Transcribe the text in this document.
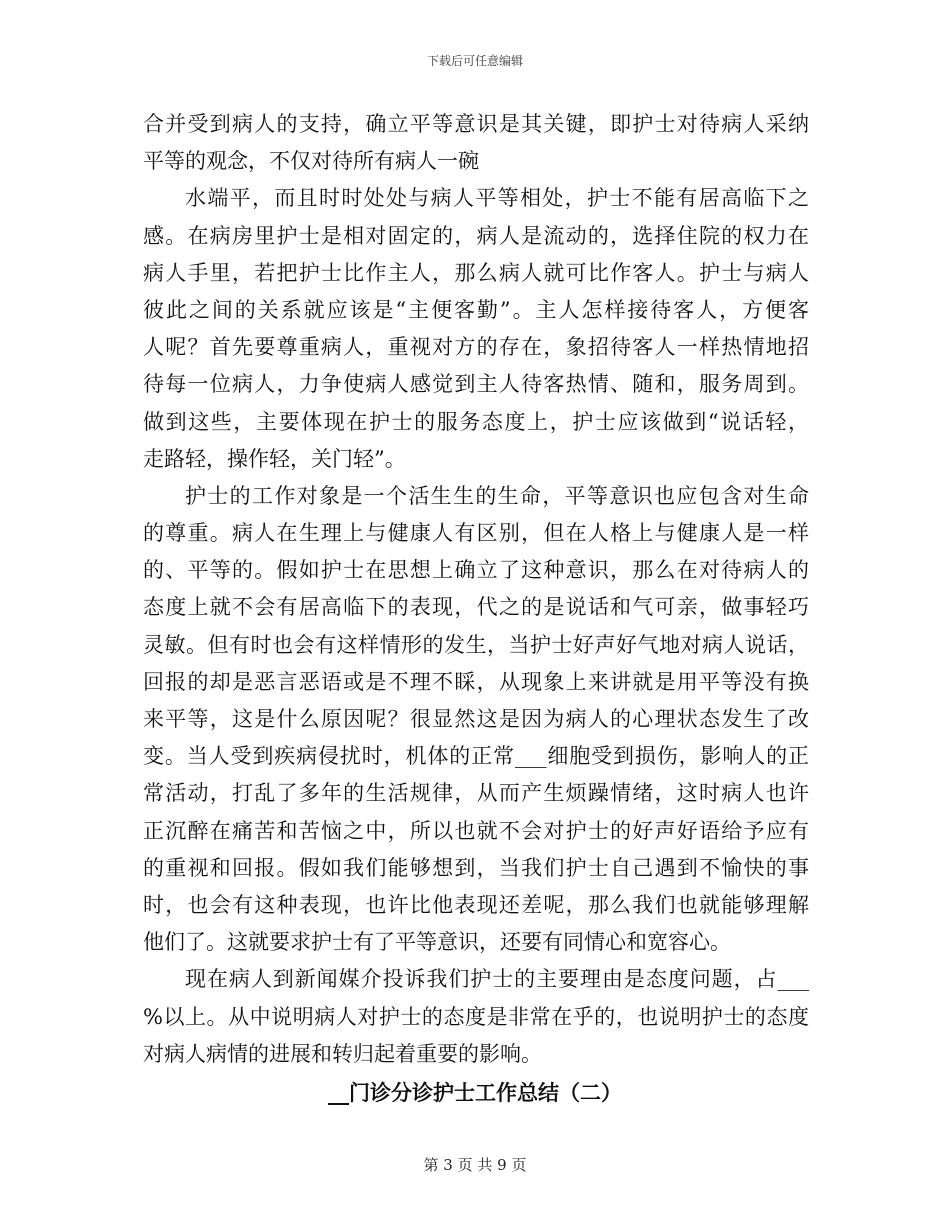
下载后可任意编辑
合并受到病人的支持，确立平等意识是其关键，即护士对待病人采纳
平等的观念，不仅对待所有病人一碗
水端平，而且时时处处与病人平等相处，护士不能有居高临下之
感。在病房里护士是相对固定的，病人是流动的，选择住院的权力在
病人手里，若把护士比作主人，那么病人就可比作客人。护士与病人
彼此之间的关系就应该是“主便客勤”。主人怎样接待客人，方便客
人呢？首先要尊重病人，重视对方的存在，象招待客人一样热情地招
待每一位病人，力争使病人感觉到主人待客热情、随和，服务周到。
做到这些，主要体现在护士的服务态度上，护士应该做到“说话轻，
走路轻，操作轻，关门轻”。
护士的工作对象是一个活生生的生命，平等意识也应包含对生命
的尊重。病人在生理上与健康人有区别，但在人格上与健康人是一样
的、平等的。假如护士在思想上确立了这种意识，那么在对待病人的
态度上就不会有居高临下的表现，代之的是说话和气可亲，做事轻巧
灵敏。但有时也会有这样情形的发生，当护士好声好气地对病人说话，
回报的却是恶言恶语或是不理不睬，从现象上来讲就是用平等没有换
来平等，这是什么原因呢？很显然这是因为病人的心理状态发生了改
变。当人受到疾病侵扰时，机体的正常___细胞受到损伤，影响人的正
常活动，打乱了多年的生活规律，从而产生烦躁情绪，这时病人也许
正沉醉在痛苦和苦恼之中，所以也就不会对护士的好声好语给予应有
的重视和回报。假如我们能够想到，当我们护士自己遇到不愉快的事
时，也会有这种表现，也许比他表现还差呢，那么我们也就能够理解
他们了。这就要求护士有了平等意识，还要有同情心和宽容心。
现在病人到新闻媒介投诉我们护士的主要理由是态度问题，占___
%以上。从中说明病人对护士的态度是非常在乎的，也说明护士的态度
对病人病情的进展和转归起着重要的影响。
__门诊分诊护士工作总结（二）
第 3 页 共 9 页
